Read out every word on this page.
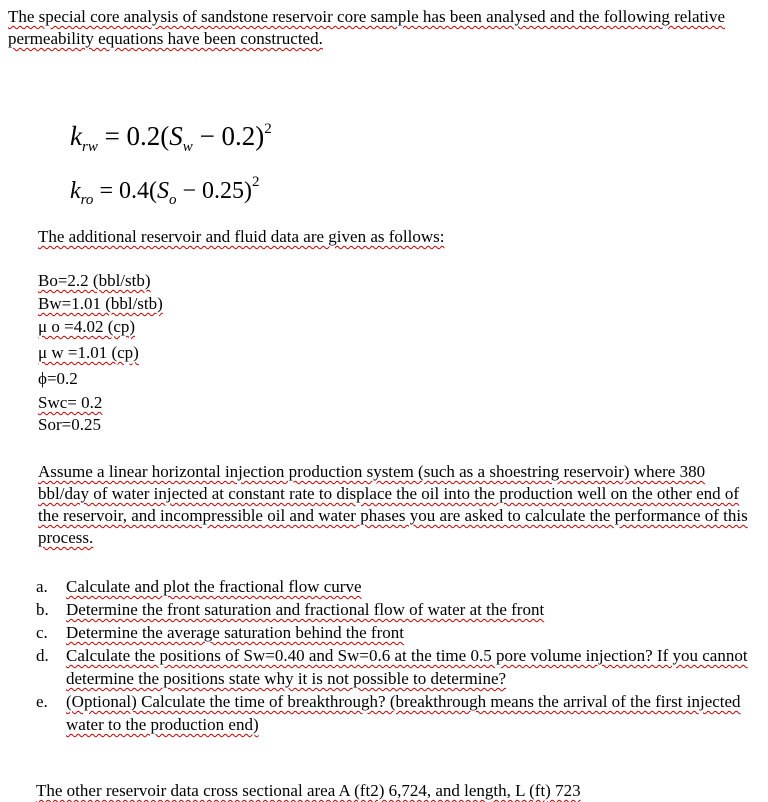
The special core analysis of sandstone reservoir core sample has been analysed and the following relative permeability equations have been constructed.
$k_{rw} = 0.2(S_w - 0.2)^2$
$k_{ro} = 0.4(S_o - 0.25)^2$
The additional reservoir and fluid data are given as follows:
Bo=2.2 (bbl/stb)
Bw=1.01 (bbl/stb)
μ o =4.02 (cp)
μ w =1.01 (cp)
ϕ=0.2
Swc= 0.2
Sor=0.25
Assume a linear horizontal injection production system (such as a shoestring reservoir) where 380 bbl/day of water injected at constant rate to displace the oil into the production well on the other end of the reservoir, and incompressible oil and water phases you are asked to calculate the performance of this process.
a.	Calculate and plot the fractional flow curve
b.	Determine the front saturation and fractional flow of water at the front
c.	Determine the average saturation behind the front
d.	Calculate the positions of Sw=0.40 and Sw=0.6 at the time 0.5 pore volume injection? If you cannot determine the positions state why it is not possible to determine?
e.	(Optional) Calculate the time of breakthrough? (breakthrough means the arrival of the first injected water to the production end)
The other reservoir data cross sectional area A (ft2) 6,724, and length, L (ft) 723
